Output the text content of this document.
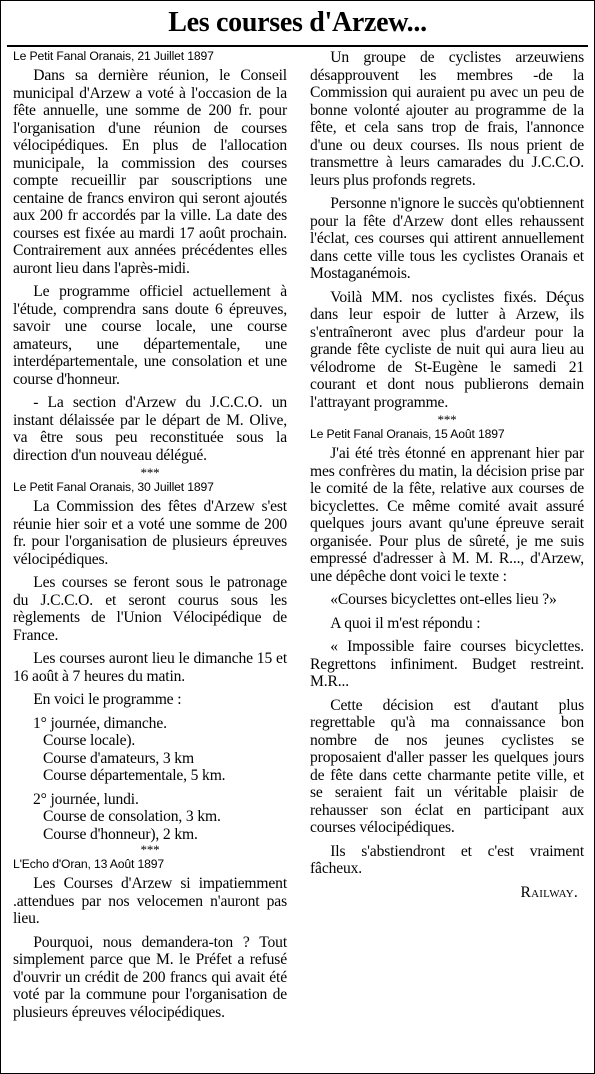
Les courses d'Arzew...
Le Petit Fanal Oranais, 21 Juillet 1897

Dans sa dernière réunion, le Conseil municipal d'Arzew a voté à l'occasion de la fête annuelle, une somme de 200 fr. pour l'organisation d'une réunion de courses vélocipédiques. En plus de l'allocation municipale, la commission des courses compte recueillir par souscriptions une centaine de francs environ qui seront ajoutés aux 200 fr accordés par la ville. La date des courses est fixée au mardi 17 août prochain. Contrairement aux années précédentes elles auront lieu dans l'après-midi.

Le programme officiel actuellement à l'étude, comprendra sans doute 6 épreuves, savoir une course locale, une course amateurs, une départementale, une interdépartementale, une consolation et une course d'honneur.

- La section d'Arzew du J.C.C.O. un instant délaissée par le départ de M. Olive, va être sous peu reconstituée sous la direction d'un nouveau délégué.

***
Le Petit Fanal Oranais, 30 Juillet 1897

La Commission des fêtes d'Arzew s'est réunie hier soir et a voté une somme de 200 fr. pour l'organisation de plusieurs épreuves vélocipédiques.

Les courses se feront sous le patronage du J.C.C.O. et seront courus sous les règlements de l'Union Vélocipédique de France.

Les courses auront lieu le dimanche 15 et 16 août à 7 heures du matin.

En voici le programme :

1° journée, dimanche.
Course locale).
Course d'amateurs, 3 km
Course départementale, 5 km.
2° journée, lundi.
Course de consolation, 3 km.
Course d'honneur), 2 km.
***
L'Echo d'Oran, 13 Août 1897

Les Courses d'Arzew si impatiemment .attendues par nos velocemen n'auront pas lieu.

Pourquoi, nous demandera-ton ? Tout simplement parce que M. le Préfet a refusé d'ouvrir un crédit de 200 francs qui avait été voté par la commune pour l'organisation de plusieurs épreuves vélocipédiques.

Un groupe de cyclistes arzeuwiens désapprouvent les membres -de la Commission qui auraient pu avec un peu de bonne volonté ajouter au programme de la fête, et cela sans trop de frais, l'annonce d'une ou deux courses. Ils nous prient de transmettre à leurs camarades du J.C.C.O. leurs plus profonds regrets.

Personne n'ignore le succès qu'obtiennent pour la fête d'Arzew dont elles rehaussent l'éclat, ces courses qui attirent annuellement dans cette ville tous les cyclistes Oranais et Mostaganémois.

Voilà MM. nos cyclistes fixés. Déçus dans leur espoir de lutter à Arzew, ils s'entraîneront avec plus d'ardeur pour la grande fête cycliste de nuit qui aura lieu au vélodrome de St-Eugène le samedi 21 courant et dont nous publierons demain l'attrayant programme.

***
Le Petit Fanal Oranais, 15 Août 1897

J'ai été très étonné en apprenant hier par mes confrères du matin, la décision prise par le comité de la fête, relative aux courses de bicyclettes. Ce même comité avait assuré quelques jours avant qu'une épreuve serait organisée. Pour plus de sûreté, je me suis empressé d'adresser à M. M. R..., d'Arzew, une dépêche dont voici le texte :

«Courses bicyclettes ont-elles lieu ?»

A quoi il m'est répondu :

« Impossible faire courses bicyclettes. Regrettons infiniment. Budget restreint. M.R...

Cette décision est d'autant plus regrettable qu'à ma connaissance bon nombre de nos jeunes cyclistes se proposaient d'aller passer les quelques jours de fête dans cette charmante petite ville, et se seraient fait un véritable plaisir de rehausser son éclat en participant aux courses vélocipédiques.

Ils s'abstiendront et c'est vraiment fâcheux.

Railway.
